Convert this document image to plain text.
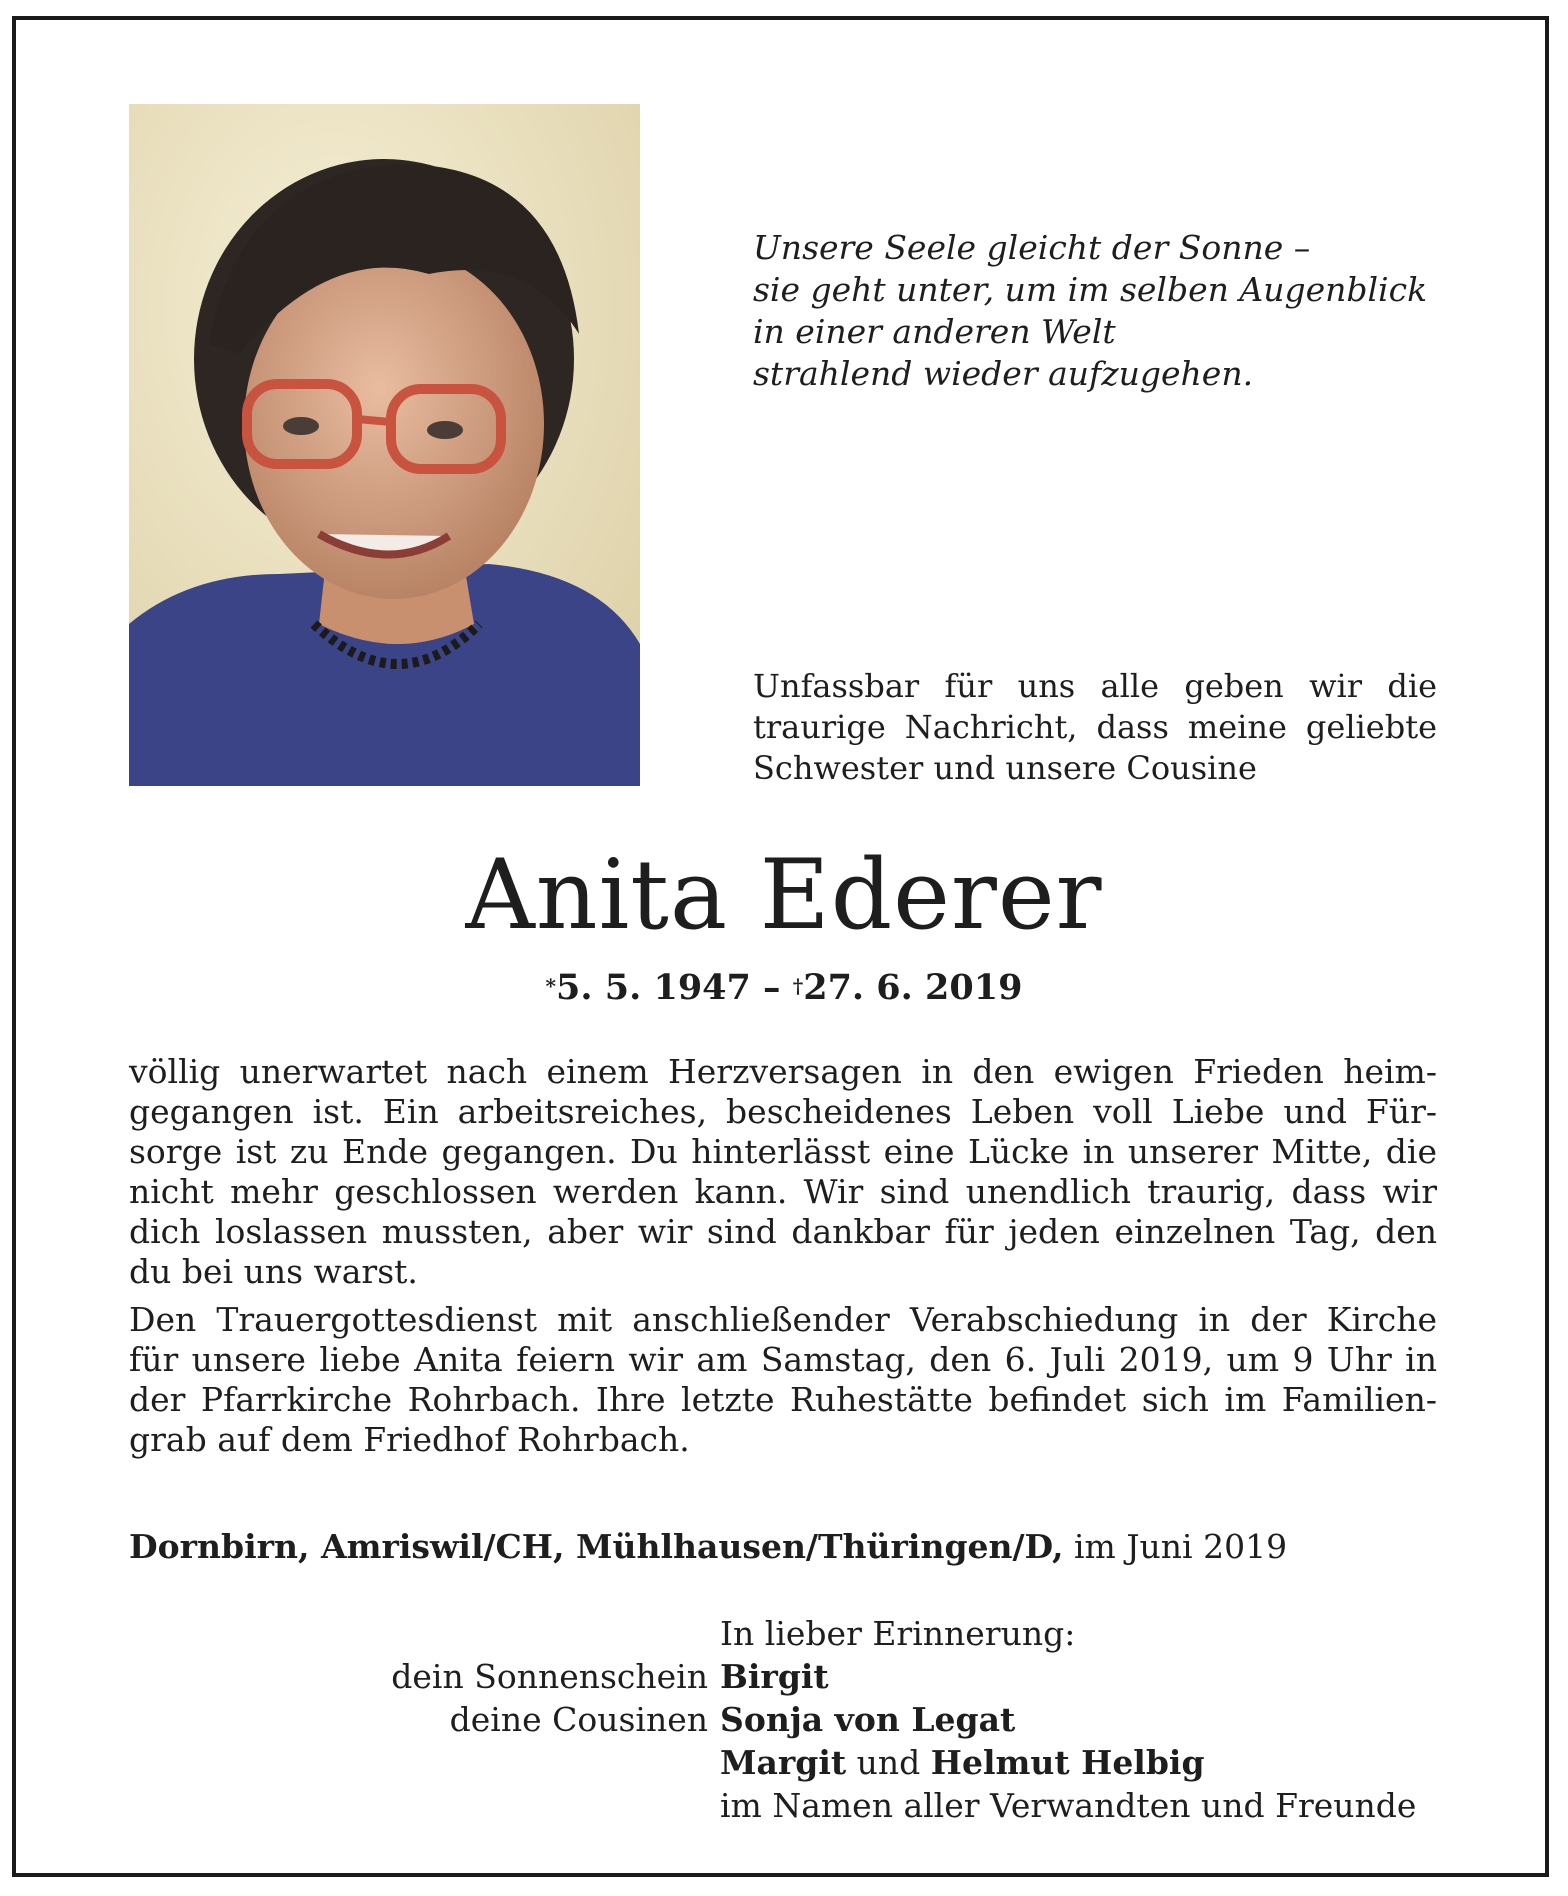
Unsere Seele gleicht der Sonne –
sie geht unter, um im selben Augenblick
in einer anderen Welt
strahlend wieder aufzugehen.
Unfassbar für uns alle geben wir die
traurige Nachricht, dass meine geliebte
Schwester und unsere Cousine
Anita Ederer
*5. 5. 1947 – †27. 6. 2019

völlig unerwartet nach einem Herzversagen in den ewigen Frieden heim-
gegangen ist. Ein arbeitsreiches, bescheidenes Leben voll Liebe und Für-
sorge ist zu Ende gegangen. Du hinterlässt eine Lücke in unserer Mitte, die
nicht mehr geschlossen werden kann. Wir sind unendlich traurig, dass wir
dich loslassen mussten, aber wir sind dankbar für jeden einzelnen Tag, den
du bei uns warst.

Den Trauergottesdienst mit anschließender Verabschiedung in der Kirche
für unsere liebe Anita feiern wir am Samstag, den 6. Juli 2019, um 9 Uhr in
der Pfarrkirche Rohrbach. Ihre letzte Ruhestätte befindet sich im Familien-
grab auf dem Friedhof Rohrbach.

Dornbirn, Amriswil/CH, Mühlhausen/Thüringen/D, im Juni 2019
In lieber Erinnerung:
dein Sonnenschein Birgit
deine Cousinen Sonja von Legat
Margit und Helmut Helbig
im Namen aller Verwandten und Freunde
